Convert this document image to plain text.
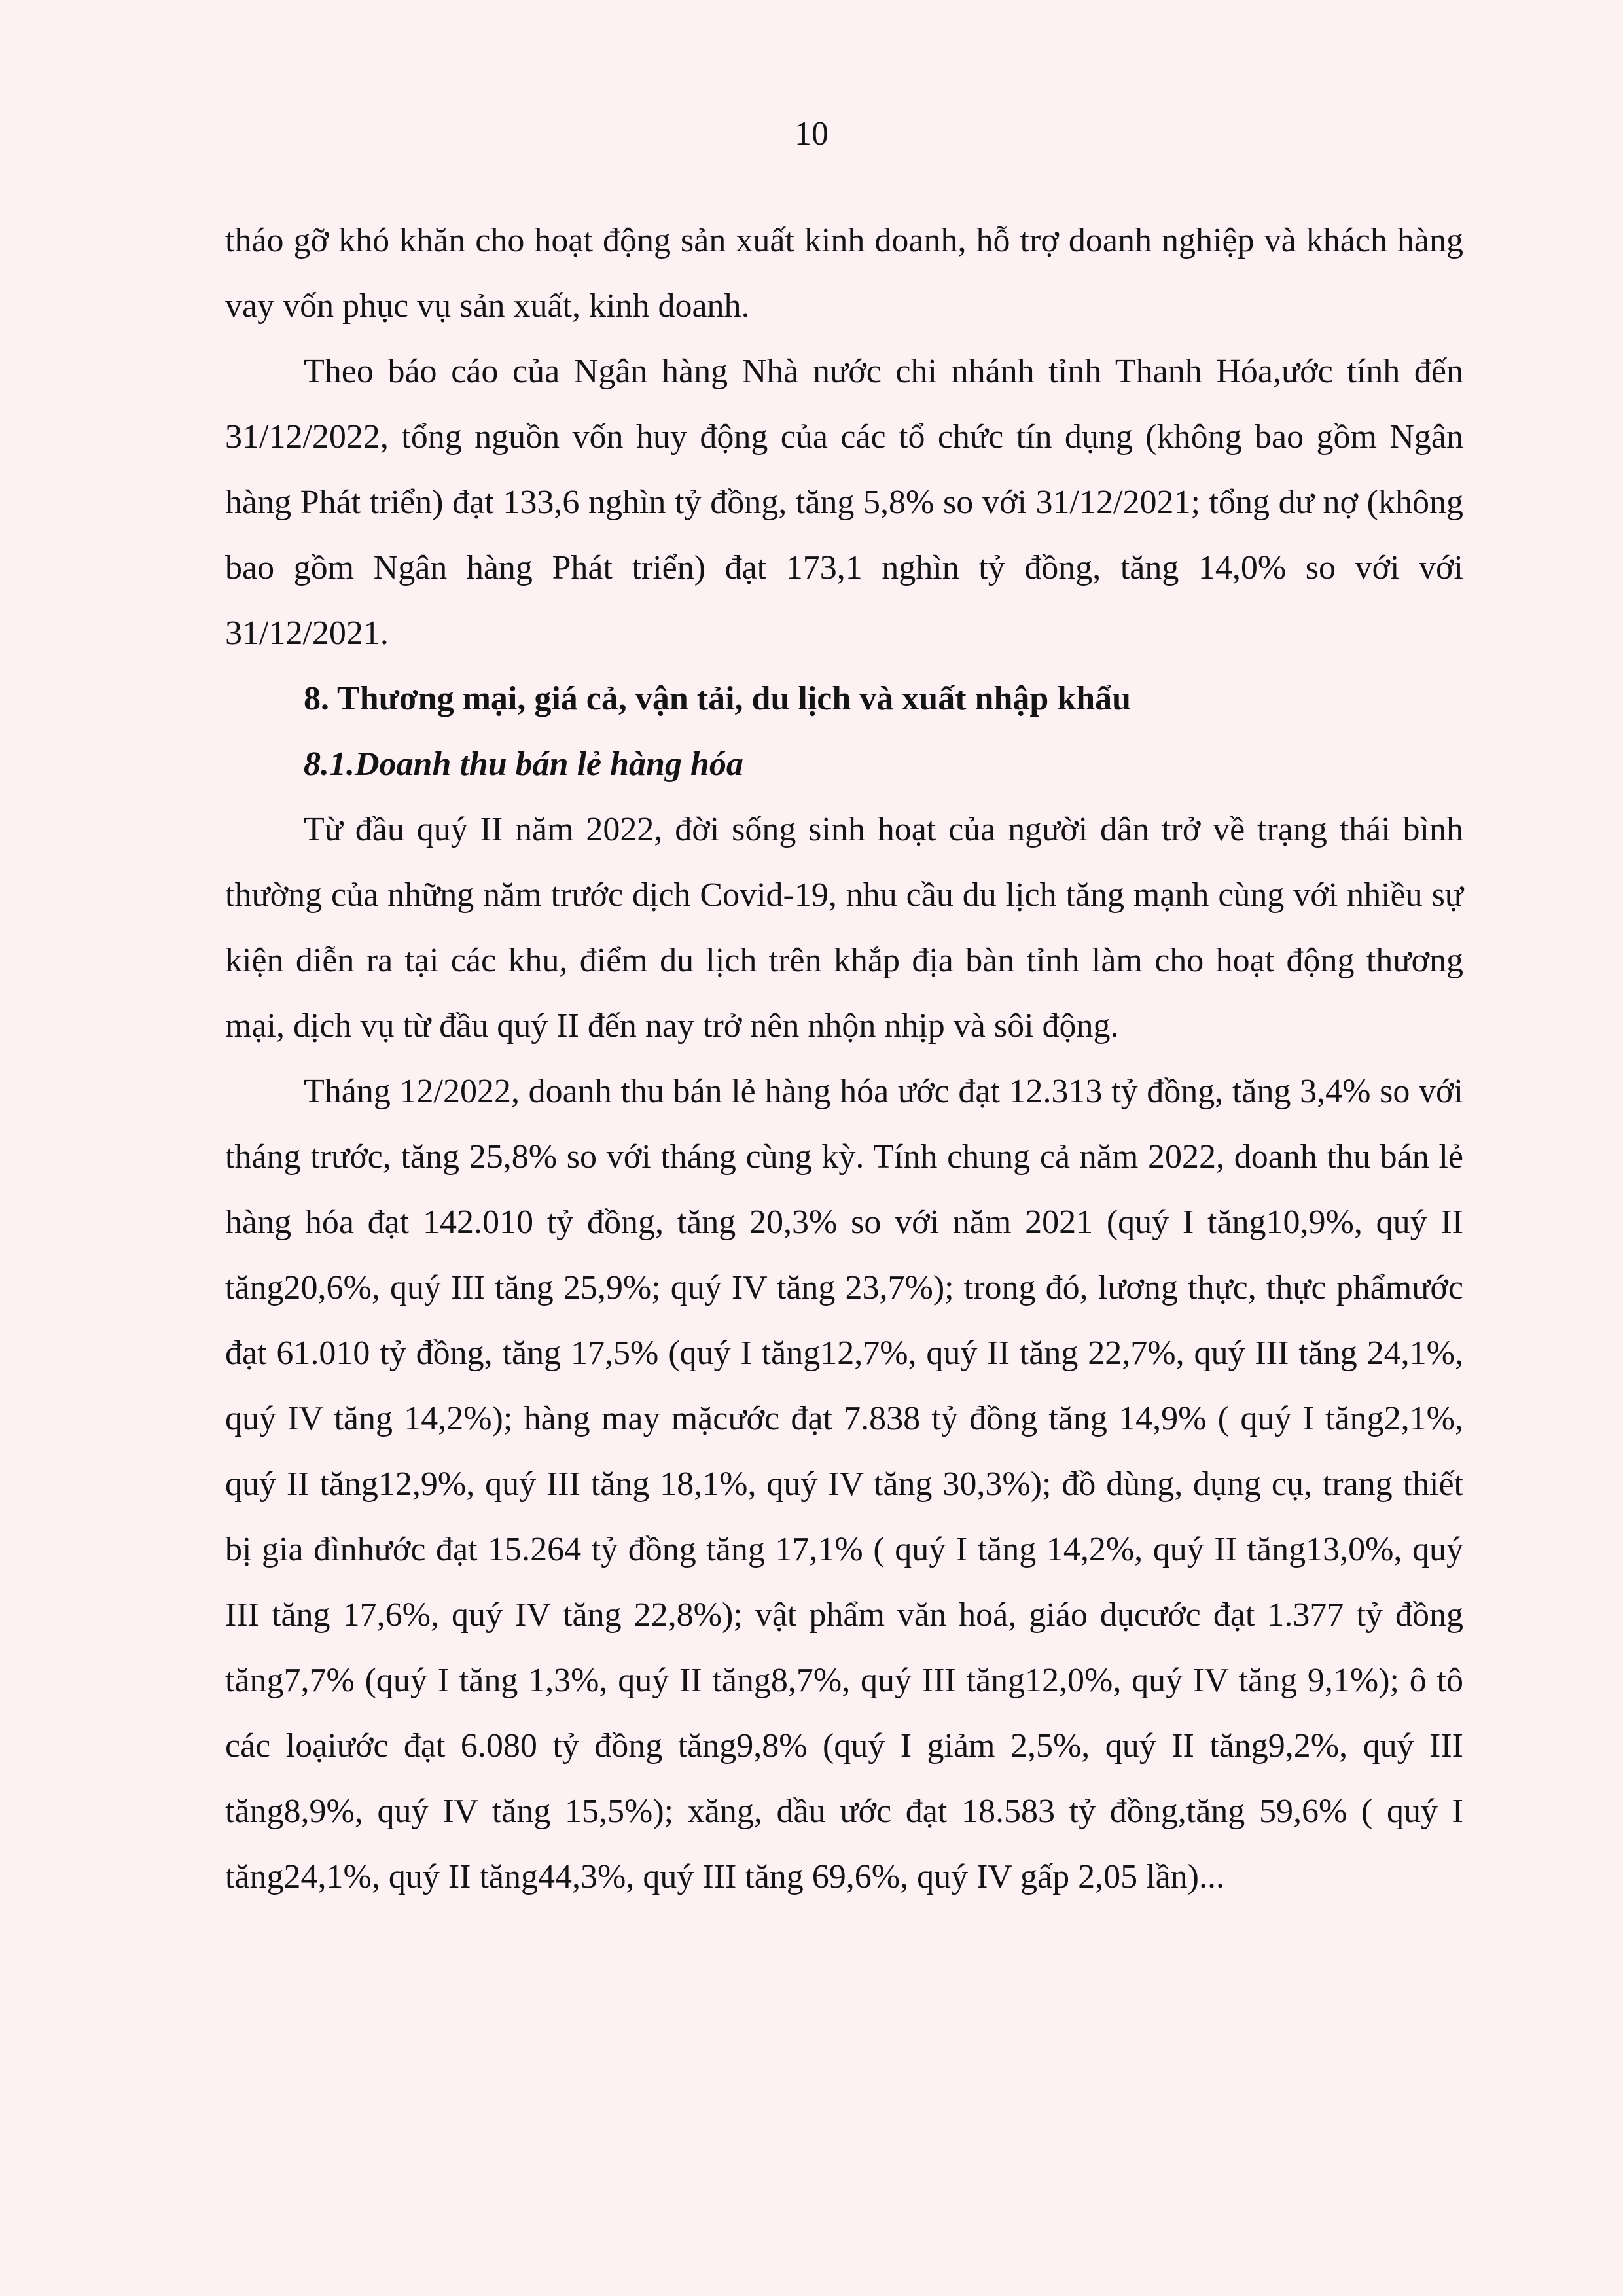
10

tháo gỡ khó khăn cho hoạt động sản xuất kinh doanh, hỗ trợ doanh nghiệp và khách hàng vay vốn phục vụ sản xuất, kinh doanh.

Theo báo cáo của Ngân hàng Nhà nước chi nhánh tỉnh Thanh Hóa,ước tính đến 31/12/2022, tổng nguồn vốn huy động của các tổ chức tín dụng (không bao gồm Ngân hàng Phát triển) đạt 133,6 nghìn tỷ đồng, tăng 5,8% so với 31/12/2021; tổng dư nợ (không bao gồm Ngân hàng Phát triển) đạt 173,1 nghìn tỷ đồng, tăng 14,0% so với với 31/12/2021.

8. Thương mại, giá cả, vận tải, du lịch và xuất nhập khẩu
8.1.Doanh thu bán lẻ hàng hóa

Từ đầu quý II năm 2022, đời sống sinh hoạt của người dân trở về trạng thái bình thường của những năm trước dịch Covid-19, nhu cầu du lịch tăng mạnh cùng với nhiều sự kiện diễn ra tại các khu, điểm du lịch trên khắp địa bàn tỉnh làm cho hoạt động thương mại, dịch vụ từ đầu quý II đến nay trở nên nhộn nhịp và sôi động.

Tháng 12/2022, doanh thu bán lẻ hàng hóa ước đạt 12.313 tỷ đồng, tăng 3,4% so với tháng trước, tăng 25,8% so với tháng cùng kỳ. Tính chung cả năm 2022, doanh thu bán lẻ hàng hóa đạt 142.010 tỷ đồng, tăng 20,3% so với năm 2021 (quý I tăng10,9%, quý II tăng20,6%, quý III tăng 25,9%; quý IV tăng 23,7%); trong đó, lương thực, thực phẩmước đạt 61.010 tỷ đồng, tăng 17,5% (quý I tăng12,7%, quý II tăng 22,7%, quý III tăng 24,1%, quý IV tăng 14,2%); hàng may mặcước đạt 7.838 tỷ đồng tăng 14,9% ( quý I tăng2,1%, quý II tăng12,9%, quý III tăng 18,1%, quý IV tăng 30,3%); đồ dùng, dụng cụ, trang thiết bị gia đìnhước đạt 15.264 tỷ đồng tăng 17,1% ( quý I tăng 14,2%, quý II tăng13,0%, quý III tăng 17,6%, quý IV tăng 22,8%); vật phẩm văn hoá, giáo dụcước đạt 1.377 tỷ đồng tăng7,7% (quý I tăng 1,3%, quý II tăng8,7%, quý III tăng12,0%, quý IV tăng 9,1%); ô tô các loạiước đạt 6.080 tỷ đồng tăng9,8% (quý I giảm 2,5%, quý II tăng9,2%, quý III tăng8,9%, quý IV tăng 15,5%); xăng, dầu ước đạt 18.583 tỷ đồng,tăng 59,6% ( quý I tăng24,1%, quý II tăng44,3%, quý III tăng 69,6%, quý IV gấp 2,05 lần)...
